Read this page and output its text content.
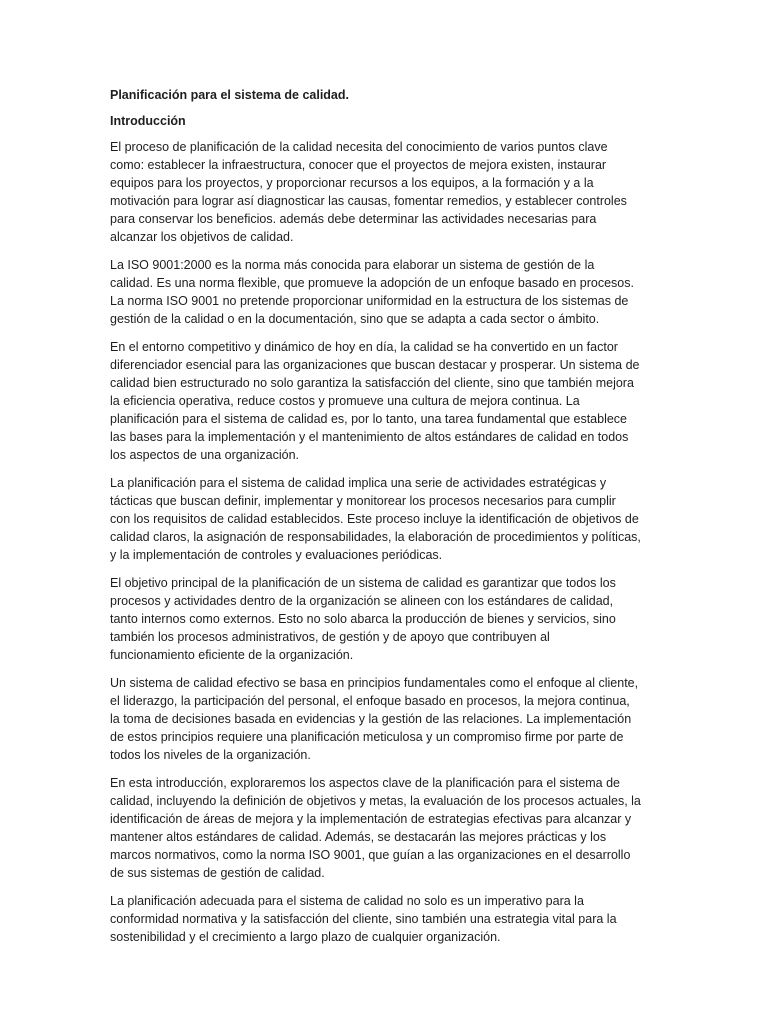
Planificación para el sistema de calidad.
Introducción
El proceso de planificación de la calidad necesita del conocimiento de varios puntos clave
como: establecer la infraestructura, conocer que el proyectos de mejora existen, instaurar
equipos para los proyectos, y proporcionar recursos a los equipos, a la formación y a la
motivación para lograr así diagnosticar las causas, fomentar remedios, y establecer controles
para conservar los beneficios. además debe determinar las actividades necesarias para
alcanzar los objetivos de calidad.
La ISO 9001:2000 es la norma más conocida para elaborar un sistema de gestión de la
calidad. Es una norma flexible, que promueve la adopción de un enfoque basado en procesos.
La norma ISO 9001 no pretende proporcionar uniformidad en la estructura de los sistemas de
gestión de la calidad o en la documentación, sino que se adapta a cada sector o ámbito.
En el entorno competitivo y dinámico de hoy en día, la calidad se ha convertido en un factor
diferenciador esencial para las organizaciones que buscan destacar y prosperar. Un sistema de
calidad bien estructurado no solo garantiza la satisfacción del cliente, sino que también mejora
la eficiencia operativa, reduce costos y promueve una cultura de mejora continua. La
planificación para el sistema de calidad es, por lo tanto, una tarea fundamental que establece
las bases para la implementación y el mantenimiento de altos estándares de calidad en todos
los aspectos de una organización.
La planificación para el sistema de calidad implica una serie de actividades estratégicas y
tácticas que buscan definir, implementar y monitorear los procesos necesarios para cumplir
con los requisitos de calidad establecidos. Este proceso incluye la identificación de objetivos de
calidad claros, la asignación de responsabilidades, la elaboración de procedimientos y políticas,
y la implementación de controles y evaluaciones periódicas.
El objetivo principal de la planificación de un sistema de calidad es garantizar que todos los
procesos y actividades dentro de la organización se alineen con los estándares de calidad,
tanto internos como externos. Esto no solo abarca la producción de bienes y servicios, sino
también los procesos administrativos, de gestión y de apoyo que contribuyen al
funcionamiento eficiente de la organización.
Un sistema de calidad efectivo se basa en principios fundamentales como el enfoque al cliente,
el liderazgo, la participación del personal, el enfoque basado en procesos, la mejora continua,
la toma de decisiones basada en evidencias y la gestión de las relaciones. La implementación
de estos principios requiere una planificación meticulosa y un compromiso firme por parte de
todos los niveles de la organización.
En esta introducción, exploraremos los aspectos clave de la planificación para el sistema de
calidad, incluyendo la definición de objetivos y metas, la evaluación de los procesos actuales, la
identificación de áreas de mejora y la implementación de estrategias efectivas para alcanzar y
mantener altos estándares de calidad. Además, se destacarán las mejores prácticas y los
marcos normativos, como la norma ISO 9001, que guían a las organizaciones en el desarrollo
de sus sistemas de gestión de calidad.
La planificación adecuada para el sistema de calidad no solo es un imperativo para la
conformidad normativa y la satisfacción del cliente, sino también una estrategia vital para la
sostenibilidad y el crecimiento a largo plazo de cualquier organización.
